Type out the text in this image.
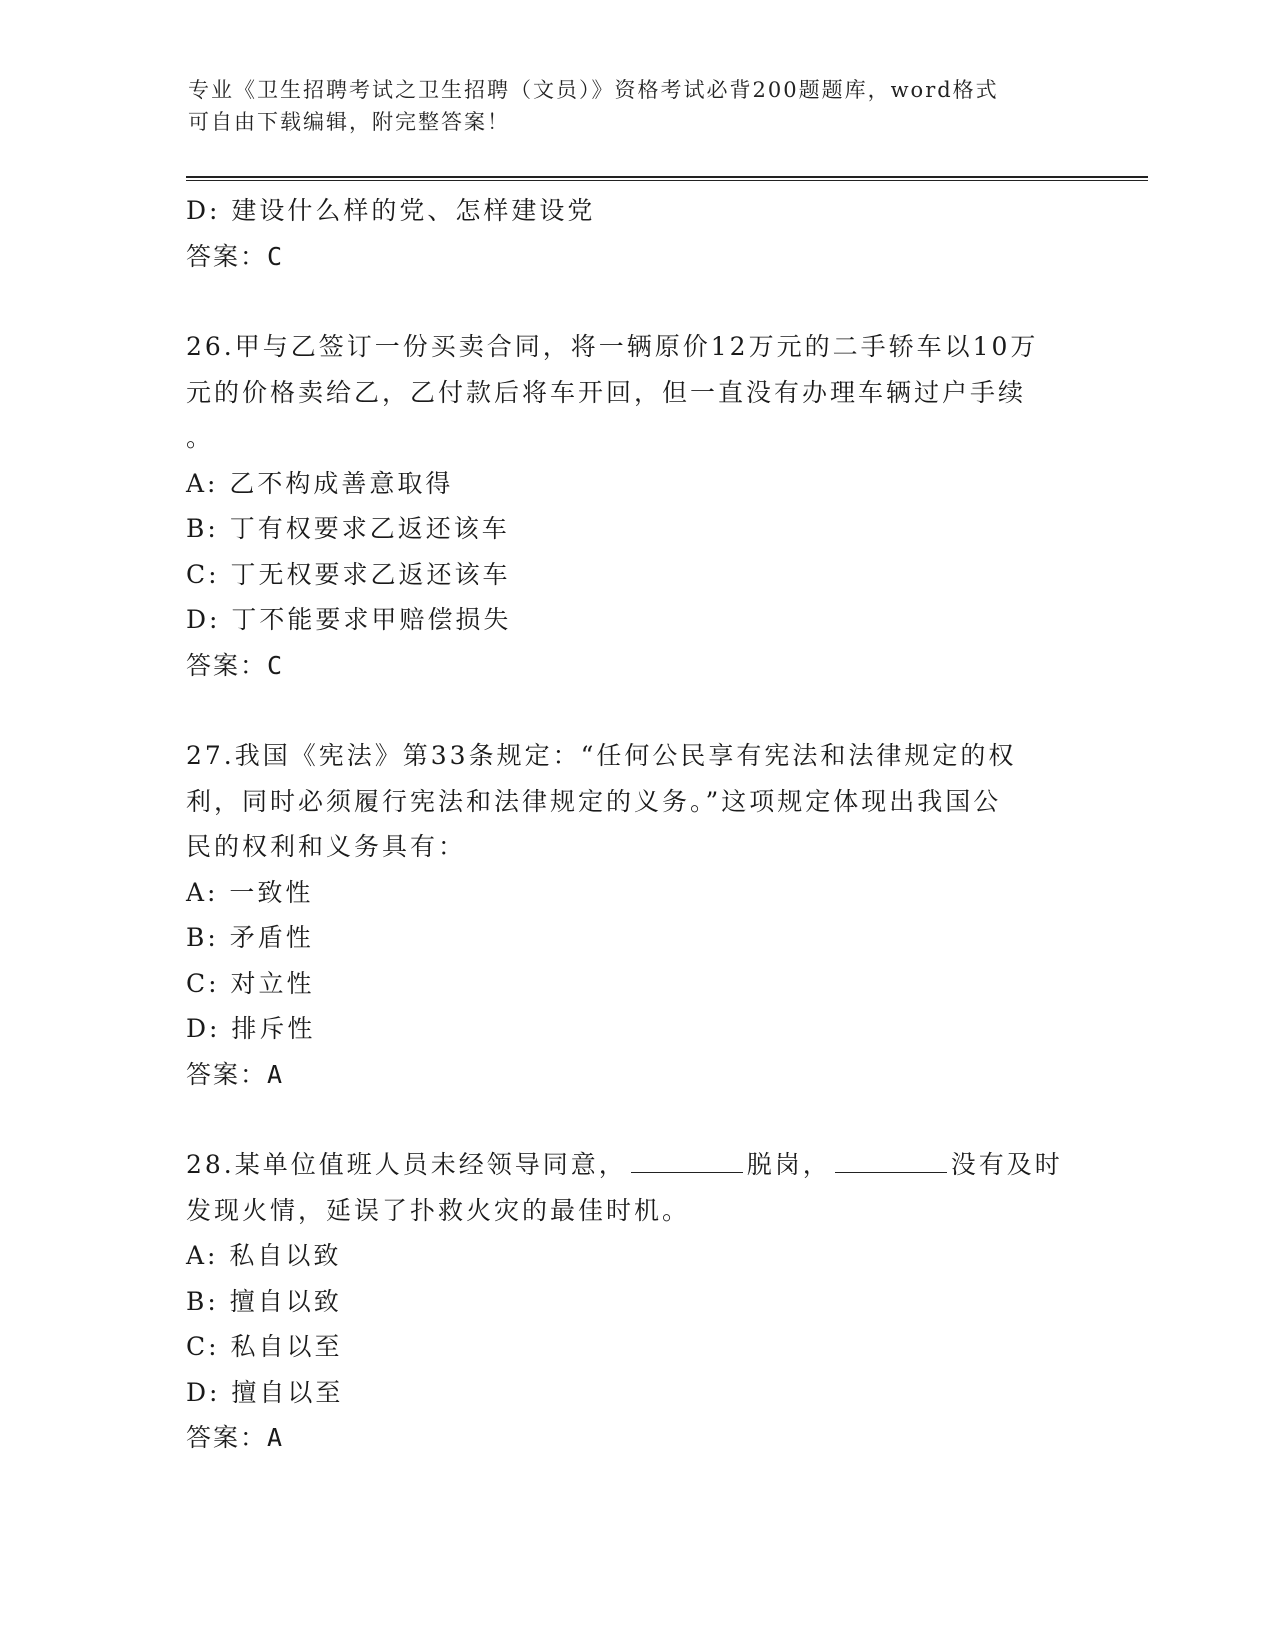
专业《卫生招聘考试之卫生招聘（文员）》资格考试必背200题题库，word格式
可自由下载编辑，附完整答案！
D: 建设什么样的党、怎样建设党
答案：C
26.甲与乙签订一份买卖合同，将一辆原价12万元的二手轿车以10万
元的价格卖给乙，乙付款后将车开回，但一直没有办理车辆过户手续
。
A: 乙不构成善意取得
B: 丁有权要求乙返还该车
C: 丁无权要求乙返还该车
D: 丁不能要求甲赔偿损失
答案：C
27.我国《宪法》第33条规定：“任何公民享有宪法和法律规定的权
利，同时必须履行宪法和法律规定的义务。”这项规定体现出我国公
民的权利和义务具有：
A: 一致性
B: 矛盾性
C: 对立性
D: 排斥性
答案：A
28.某单位值班人员未经领导同意，	脱岗，	没有及时
发现火情，延误了扑救火灾的最佳时机。
A: 私自以致
B: 擅自以致
C: 私自以至
D: 擅自以至
答案：A
